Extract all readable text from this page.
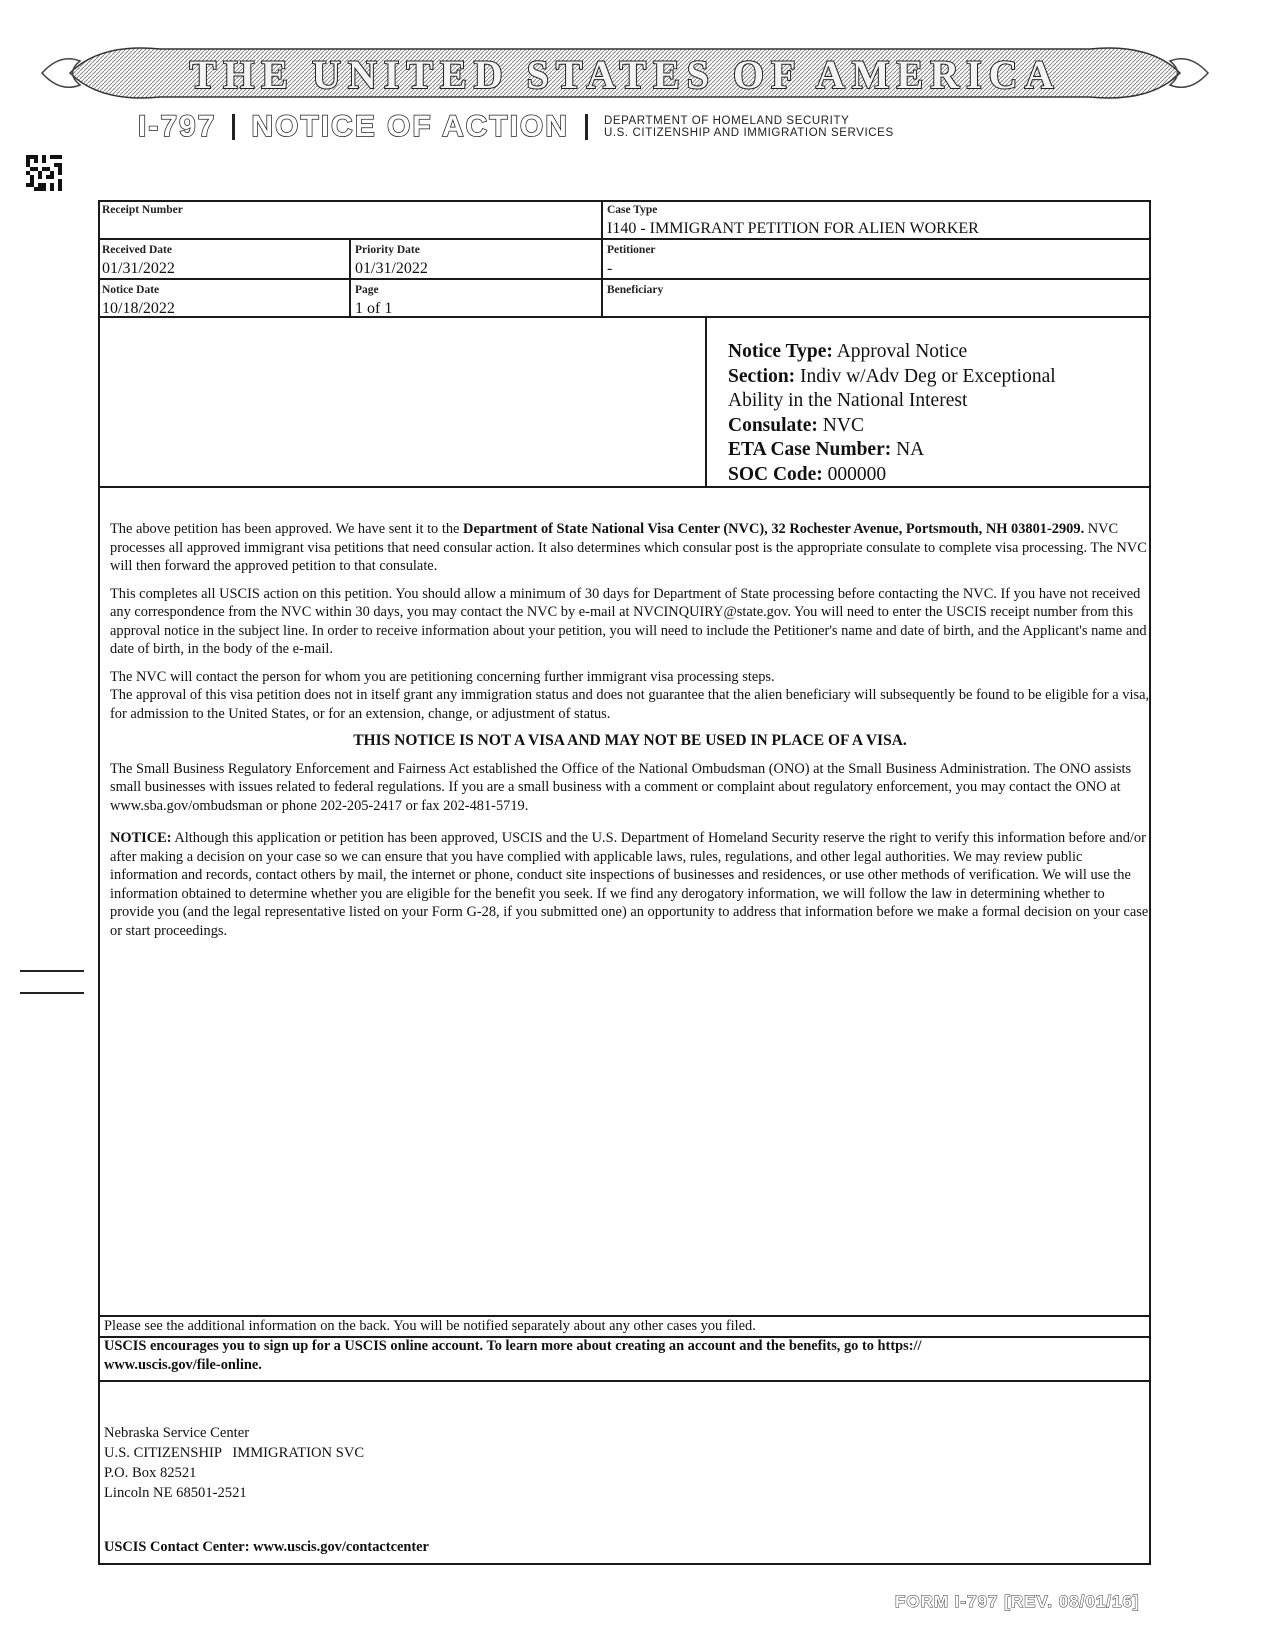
THE UNITED STATES OF AMERICA
I-797 NOTICE OF ACTION	DEPARTMENT OF HOMELAND SECURITY
U.S. CITIZENSHIP AND IMMIGRATION SERVICES
Receipt Number	Case Type
I140 - IMMIGRANT PETITION FOR ALIEN WORKER
Received Date
01/31/2022
Priority Date
01/31/2022
Petitioner
-
Notice Date
10/18/2022
Page
1 of 1
Beneficiary
Notice Type: Approval Notice
Section: Indiv w/Adv Deg or Exceptional Ability in the National Interest
Consulate: NVC
ETA Case Number: NA
SOC Code: 000000

The above petition has been approved. We have sent it to the Department of State National Visa Center (NVC), 32 Rochester Avenue, Portsmouth, NH 03801-2909. NVC processes all approved immigrant visa petitions that need consular action. It also determines which consular post is the appropriate consulate to complete visa processing. The NVC will then forward the approved petition to that consulate.

This completes all USCIS action on this petition. You should allow a minimum of 30 days for Department of State processing before contacting the NVC. If you have not received any correspondence from the NVC within 30 days, you may contact the NVC by e-mail at NVCINQUIRY@state.gov. You will need to enter the USCIS receipt number from this approval notice in the subject line. In order to receive information about your petition, you will need to include the Petitioner's name and date of birth, and the Applicant's name and date of birth, in the body of the e-mail.

The NVC will contact the person for whom you are petitioning concerning further immigrant visa processing steps.
The approval of this visa petition does not in itself grant any immigration status and does not guarantee that the alien beneficiary will subsequently be found to be eligible for a visa, for admission to the United States, or for an extension, change, or adjustment of status.

THIS NOTICE IS NOT A VISA AND MAY NOT BE USED IN PLACE OF A VISA.

The Small Business Regulatory Enforcement and Fairness Act established the Office of the National Ombudsman (ONO) at the Small Business Administration. The ONO assists small businesses with issues related to federal regulations. If you are a small business with a comment or complaint about regulatory enforcement, you may contact the ONO at www.sba.gov/ombudsman or phone 202-205-2417 or fax 202-481-5719.

NOTICE: Although this application or petition has been approved, USCIS and the U.S. Department of Homeland Security reserve the right to verify this information before and/or after making a decision on your case so we can ensure that you have complied with applicable laws, rules, regulations, and other legal authorities. We may review public information and records, contact others by mail, the internet or phone, conduct site inspections of businesses and residences, or use other methods of verification. We will use the information obtained to determine whether you are eligible for the benefit you seek. If we find any derogatory information, we will follow the law in determining whether to provide you (and the legal representative listed on your Form G-28, if you submitted one) an opportunity to address that information before we make a formal decision on your case or start proceedings.

Please see the additional information on the back. You will be notified separately about any other cases you filed.
USCIS encourages you to sign up for a USCIS online account. To learn more about creating an account and the benefits, go to https://
www.uscis.gov/file-online.
Nebraska Service Center
U.S. CITIZENSHIP   IMMIGRATION SVC
P.O. Box 82521
Lincoln NE 68501-2521
USCIS Contact Center: www.uscis.gov/contactcenter
FORM I-797 [REV. 08/01/16]
